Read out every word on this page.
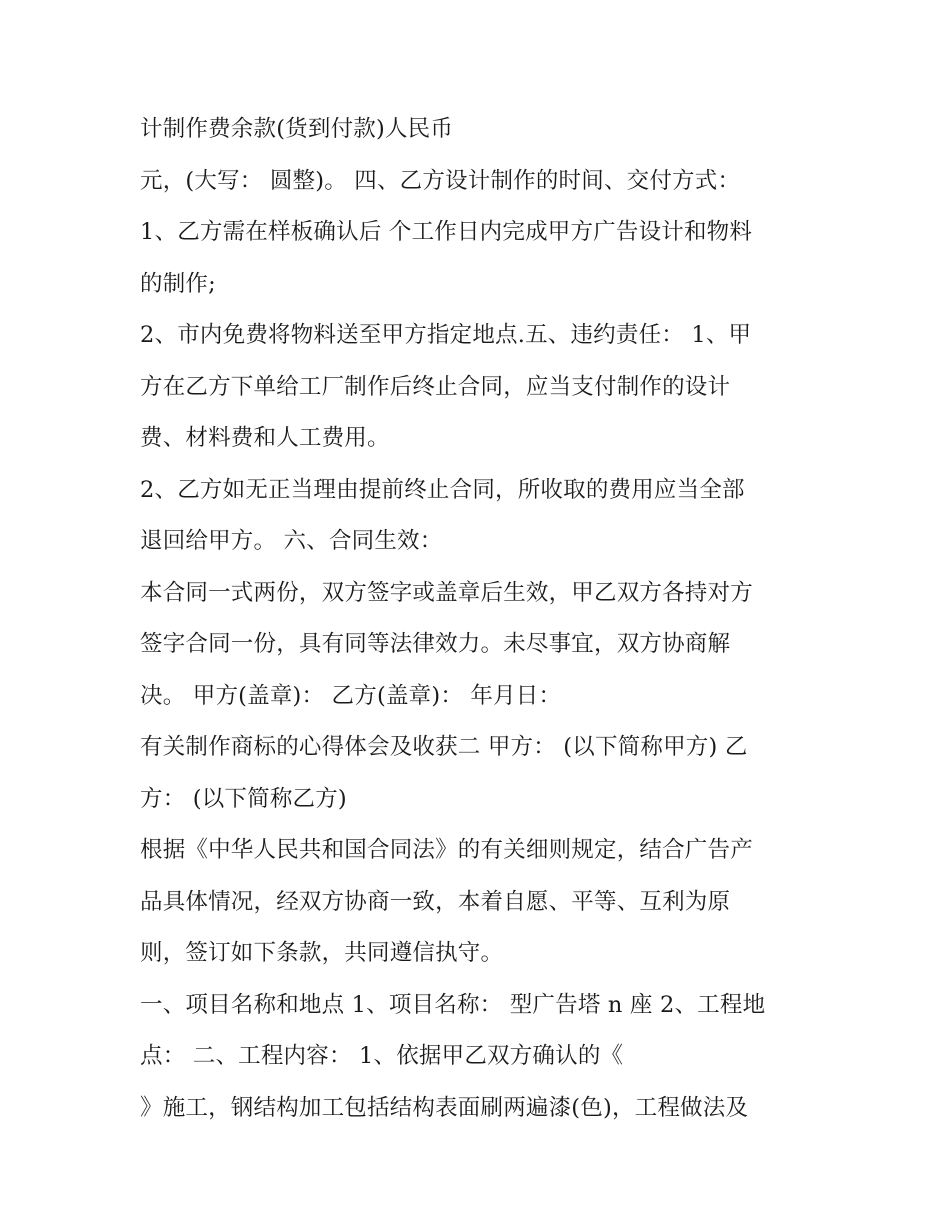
计制作费余款(货到付款)人民币
元，(大写： 圆整)。 四、乙方设计制作的时间、交付方式：
1、乙方需在样板确认后 个工作日内完成甲方广告设计和物料
的制作;
2、市内免费将物料送至甲方指定地点.五、违约责任： 1、甲
方在乙方下单给工厂制作后终止合同，应当支付制作的设计
费、材料费和人工费用。
2、乙方如无正当理由提前终止合同，所收取的费用应当全部
退回给甲方。 六、合同生效：
本合同一式两份，双方签字或盖章后生效，甲乙双方各持对方
签字合同一份，具有同等法律效力。未尽事宜，双方协商解
决。 甲方(盖章)： 乙方(盖章)： 年月日：
有关制作商标的心得体会及收获二 甲方： (以下简称甲方) 乙
方： (以下简称乙方)
根据《中华人民共和国合同法》的有关细则规定，结合广告产
品具体情况，经双方协商一致，本着自愿、平等、互利为原
则，签订如下条款，共同遵信执守。
一、项目名称和地点 1、项目名称： 型广告塔 n 座 2、工程地
点： 二、工程内容： 1、依据甲乙双方确认的《
》施工，钢结构加工包括结构表面刷两遍漆(色)，工程做法及
